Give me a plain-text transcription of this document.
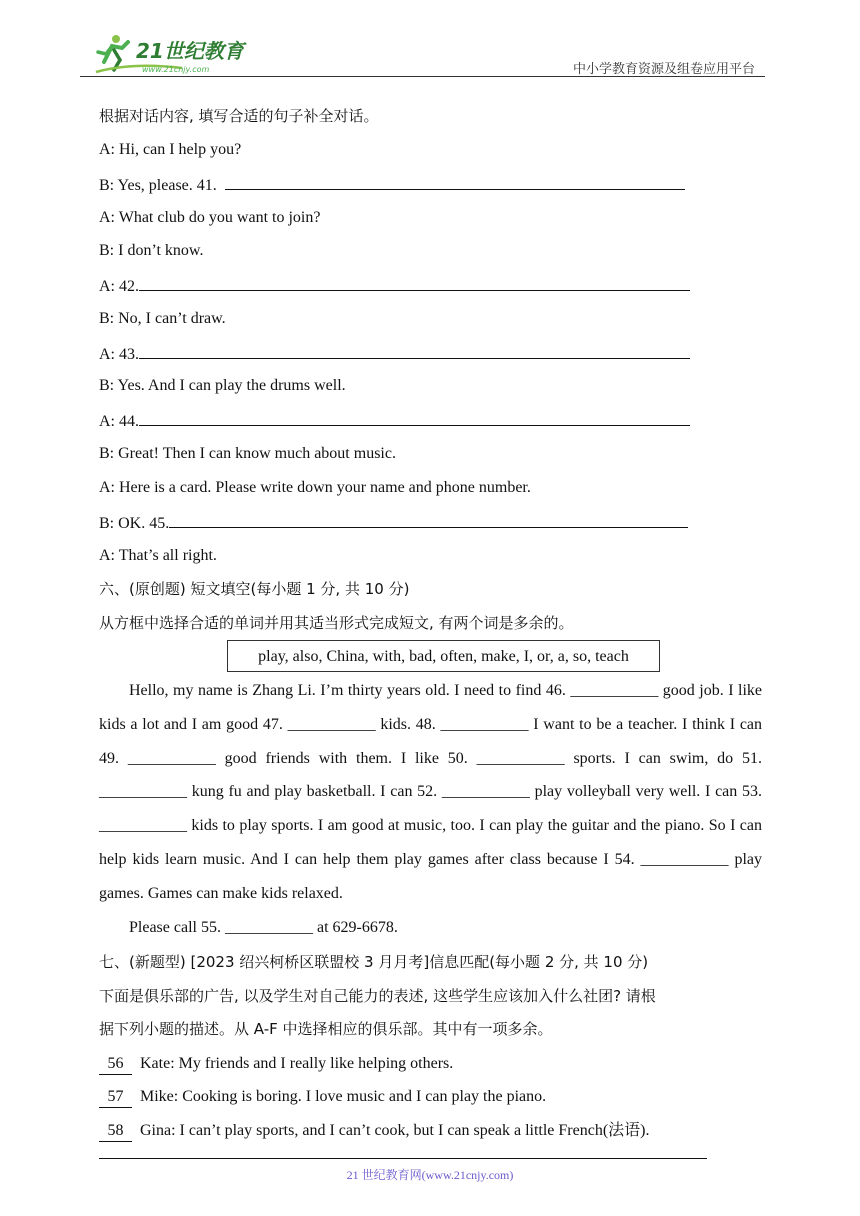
21世纪教育
www.21cnjy.com	中小学教育资源及组卷应用平台
根据对话内容, 填写合适的句子补全对话。
A: Hi, can I help you?
B: Yes, please. 41.
A: What club do you want to join?
B: I don’t know.
A: 42.
B: No, I can’t draw.
A: 43.
B: Yes. And I can play the drums well.
A: 44.
B: Great! Then I can know much about music.
A: Here is a card. Please write down your name and phone number.
B: OK. 45.
A: That’s all right.
六、(原创题) 短文填空(每小题 1 分, 共 10 分)
从方框中选择合适的单词并用其适当形式完成短文, 有两个词是多余的。
play, also, China, with, bad, often, make, I, or, a, so, teach
Hello, my name is Zhang Li. I’m thirty years old. I need to find 46. ___________ good job. I like kids a lot and I am good 47. ___________ kids. 48. ___________ I want to be a teacher. I think I can 49. ___________ good friends with them. I like 50. ___________ sports. I can swim, do 51. ___________ kung fu and play basketball. I can 52. ___________ play volleyball very well. I can 53. ___________ kids to play sports. I am good at music, too. I can play the guitar and the piano. So I can help kids learn music. And I can help them play games after class because I 54. ___________ play games. Games can make kids relaxed.
Please call 55. ___________ at 629-6678.
七、(新题型) [2023 绍兴柯桥区联盟校 3 月月考]信息匹配(每小题 2 分, 共 10 分)
下面是俱乐部的广告, 以及学生对自己能力的表述, 这些学生应该加入什么社团? 请根
据下列小题的描述。从 A-F 中选择相应的俱乐部。其中有一项多余。
56 Kate: My friends and I really like helping others.
57 Mike: Cooking is boring. I love music and I can play the piano.
58 Gina: I can’t play sports, and I can’t cook, but I can speak a little French(法语).
21 世纪教育网(www.21cnjy.com)
